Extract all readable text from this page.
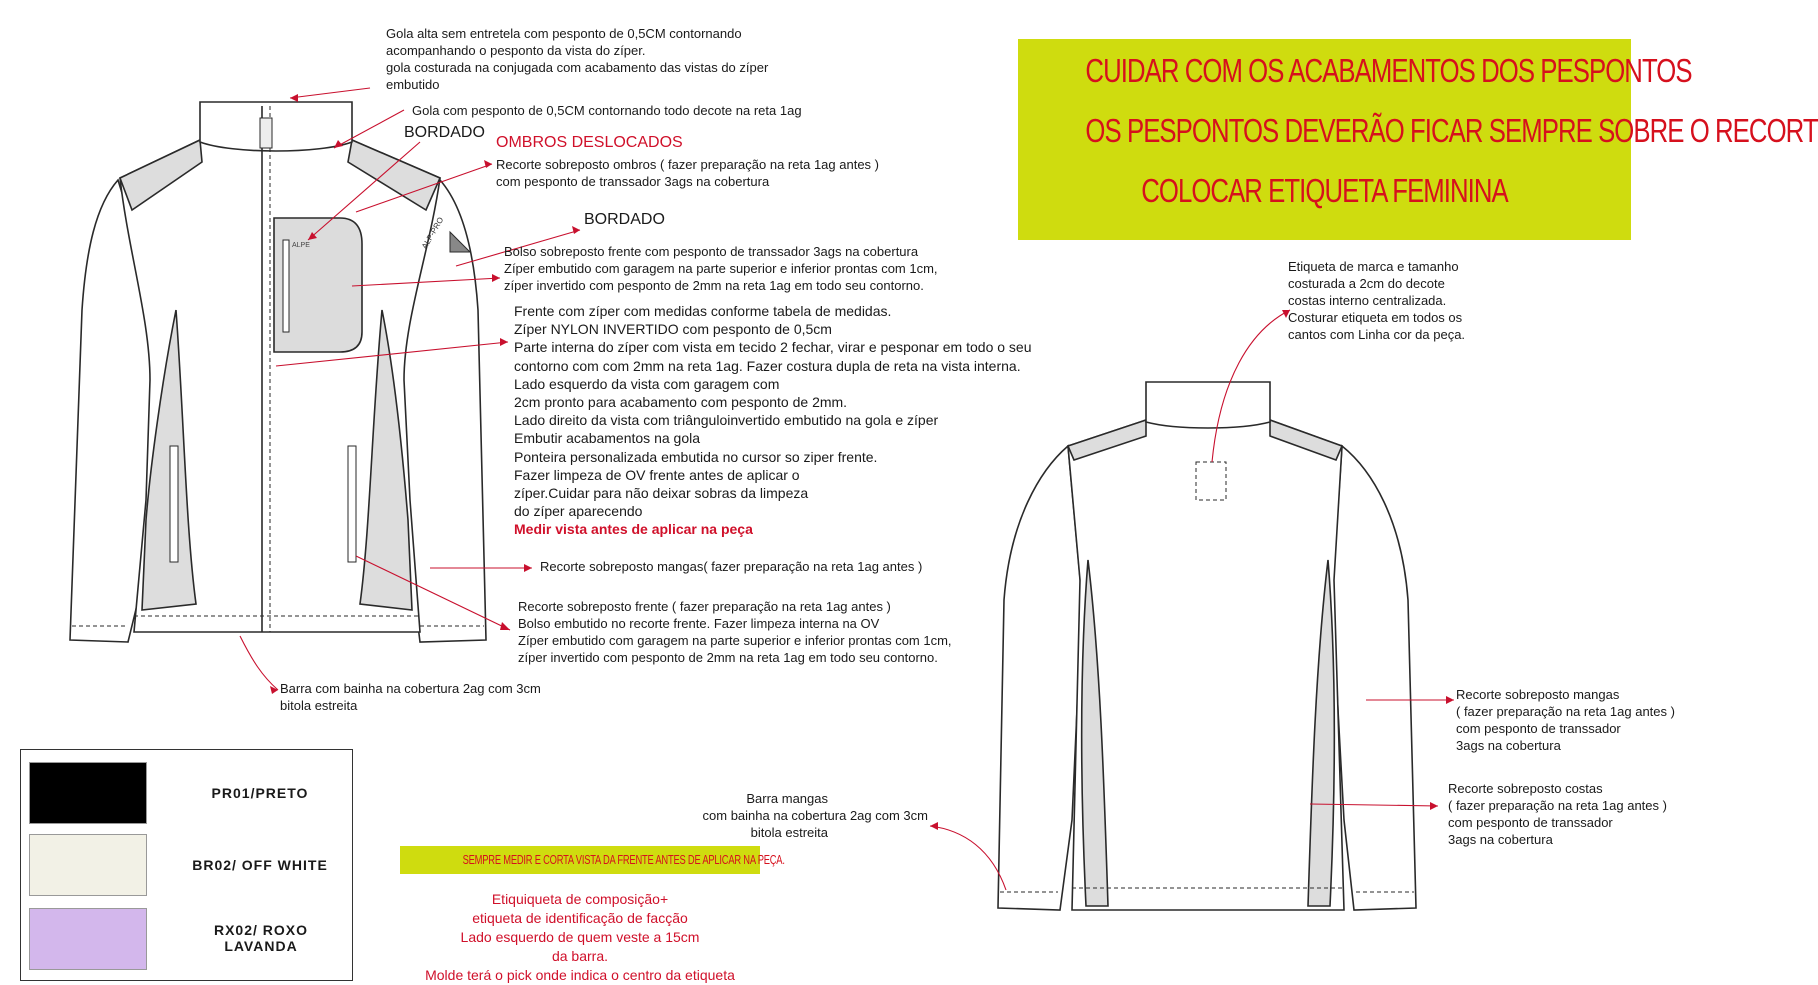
CUIDAR COM OS ACABAMENTOS DOS PESPONTOS
OS PESPONTOS DEVERÃO FICAR SEMPRE SOBRE O RECORT
COLOCAR ETIQUETA FEMININA
Gola alta sem entretela com pesponto de 0,5CM contornando
acompanhando o pesponto da vista do zíper.
gola costurada na conjugada com acabamento das vistas do zíper
embutido
Gola com pesponto de 0,5CM contornando todo decote na reta 1ag
BORDADO
OMBROS DESLOCADOS
Recorte sobreposto ombros ( fazer preparação na reta 1ag antes )
com pesponto de transsador 3ags na cobertura
BORDADO
ALP-PRO
ALPE	Bolso sobreposto frente com pesponto de transsador 3ags na cobertura
Zíper embutido com garagem na parte superior e inferior prontas com 1cm,
zíper invertido com pesponto de 2mm na reta 1ag em todo seu contorno.
Frente com zíper com medidas conforme tabela de medidas.
Zíper NYLON INVERTIDO com pesponto de 0,5cm
Parte interna do zíper com vista em tecido 2 fechar, virar e pesponar em todo o seu
contorno com com 2mm na reta 1ag. Fazer costura dupla de reta na vista interna.
Lado esquerdo da vista com garagem com
2cm pronto para acabamento com pesponto de 2mm.
Lado direito da vista com triânguloinvertido embutido na gola e zíper
Embutir acabamentos na gola
Ponteira personalizada embutida no cursor so ziper frente.
Fazer limpeza de OV frente antes de aplicar o
zíper.Cuidar para não deixar sobras da limpeza
do zíper aparecendo
Medir vista antes de aplicar na peça
Recorte sobreposto mangas( fazer preparação na reta 1ag antes )
Recorte sobreposto frente ( fazer preparação na reta 1ag antes )
Bolso embutido no recorte frente. Fazer limpeza interna na OV
Zíper embutido com garagem na parte superior e inferior prontas com 1cm,
zíper invertido com pesponto de 2mm na reta 1ag em todo seu contorno.
Barra com bainha na cobertura 2ag com 3cm
bitola estreita
Etiqueta de marca e tamanho
costurada a 2cm do decote
costas interno centralizada.
Costurar etiqueta em todos os
cantos com Linha cor da peça.
Recorte sobreposto mangas
( fazer preparação na reta 1ag antes )
com pesponto de transsador
3ags na cobertura
Recorte sobreposto costas
( fazer preparação na reta 1ag antes )
com pesponto de transsador
3ags na cobertura
Barra mangas
com bainha na cobertura 2ag com 3cm
bitola estreita
SEMPRE MEDIR E CORTA VISTA DA FRENTE ANTES DE APLICAR NA PEÇA.
Etiquiqueta de composição+
etiqueta de identificação de facção
Lado esquerdo de quem veste a 15cm
da barra.
Molde terá o pick onde indica o centro da etiqueta
PR01/PRETO
BR02/ OFF WHITE
RX02/ ROXO LAVANDA
